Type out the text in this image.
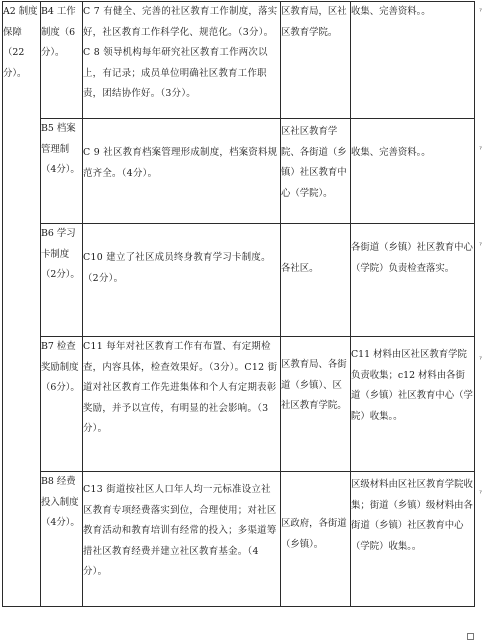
A2 制度保障（22分）。	B4 工作制度（6分）。	C 7 有健全、完善的社区教育工作制度，落实好，社区教育工作科学化、规范化。（3分）。C 8 领导机构每年研究社区教育工作两次以上，有记录；成员单位明确社区教育工作职责，团结协作好。（3分）。	区教育局，区社区教育学院。	收集、完善资料。。
	B5 档案管理制（4分）。	C 9 社区教育档案管理形成制度，档案资料规范齐全。（4分）。	区社区教育学院、各街道（乡镇）社区教育中心（学院）。	收集、完善资料。。
	B6 学习卡制度（2分）。	C10 建立了社区成员终身教育学习卡制度。（2分）。	各社区。	各街道（乡镇）社区教育中心（学院）负责检查落实。
	B7 检查奖励制度（6分）。	C11 每年对社区教育工作有布置、有定期检查，内容具体，检查效果好。（3分）。C12 街道对社区教育工作先进集体和个人有定期表彰奖励，并予以宣传，有明显的社会影响。（3分）。	区教育局、各街道（乡镇）、区社区教育学院。	C11 材料由区社区教育学院负责收集；c12 材料由各街道（乡镇）社区教育中心（学院）收集。。
	B8 经费投入制度（4分）。	C13 街道按社区人口年人均一元标准设立社区教育专项经费落实到位，合理使用；对社区教育活动和教育培训有经常的投入；多渠道筹措社区教育经费并建立社区教育基金。（4分）。	区政府，各街道（乡镇）。	区级材料由区社区教育学院收集；街道（乡镇）级材料由各街道（乡镇）社区教育中心（学院）收集。。
ˀ
ˀ
ˀ
ˀ
ˀ
